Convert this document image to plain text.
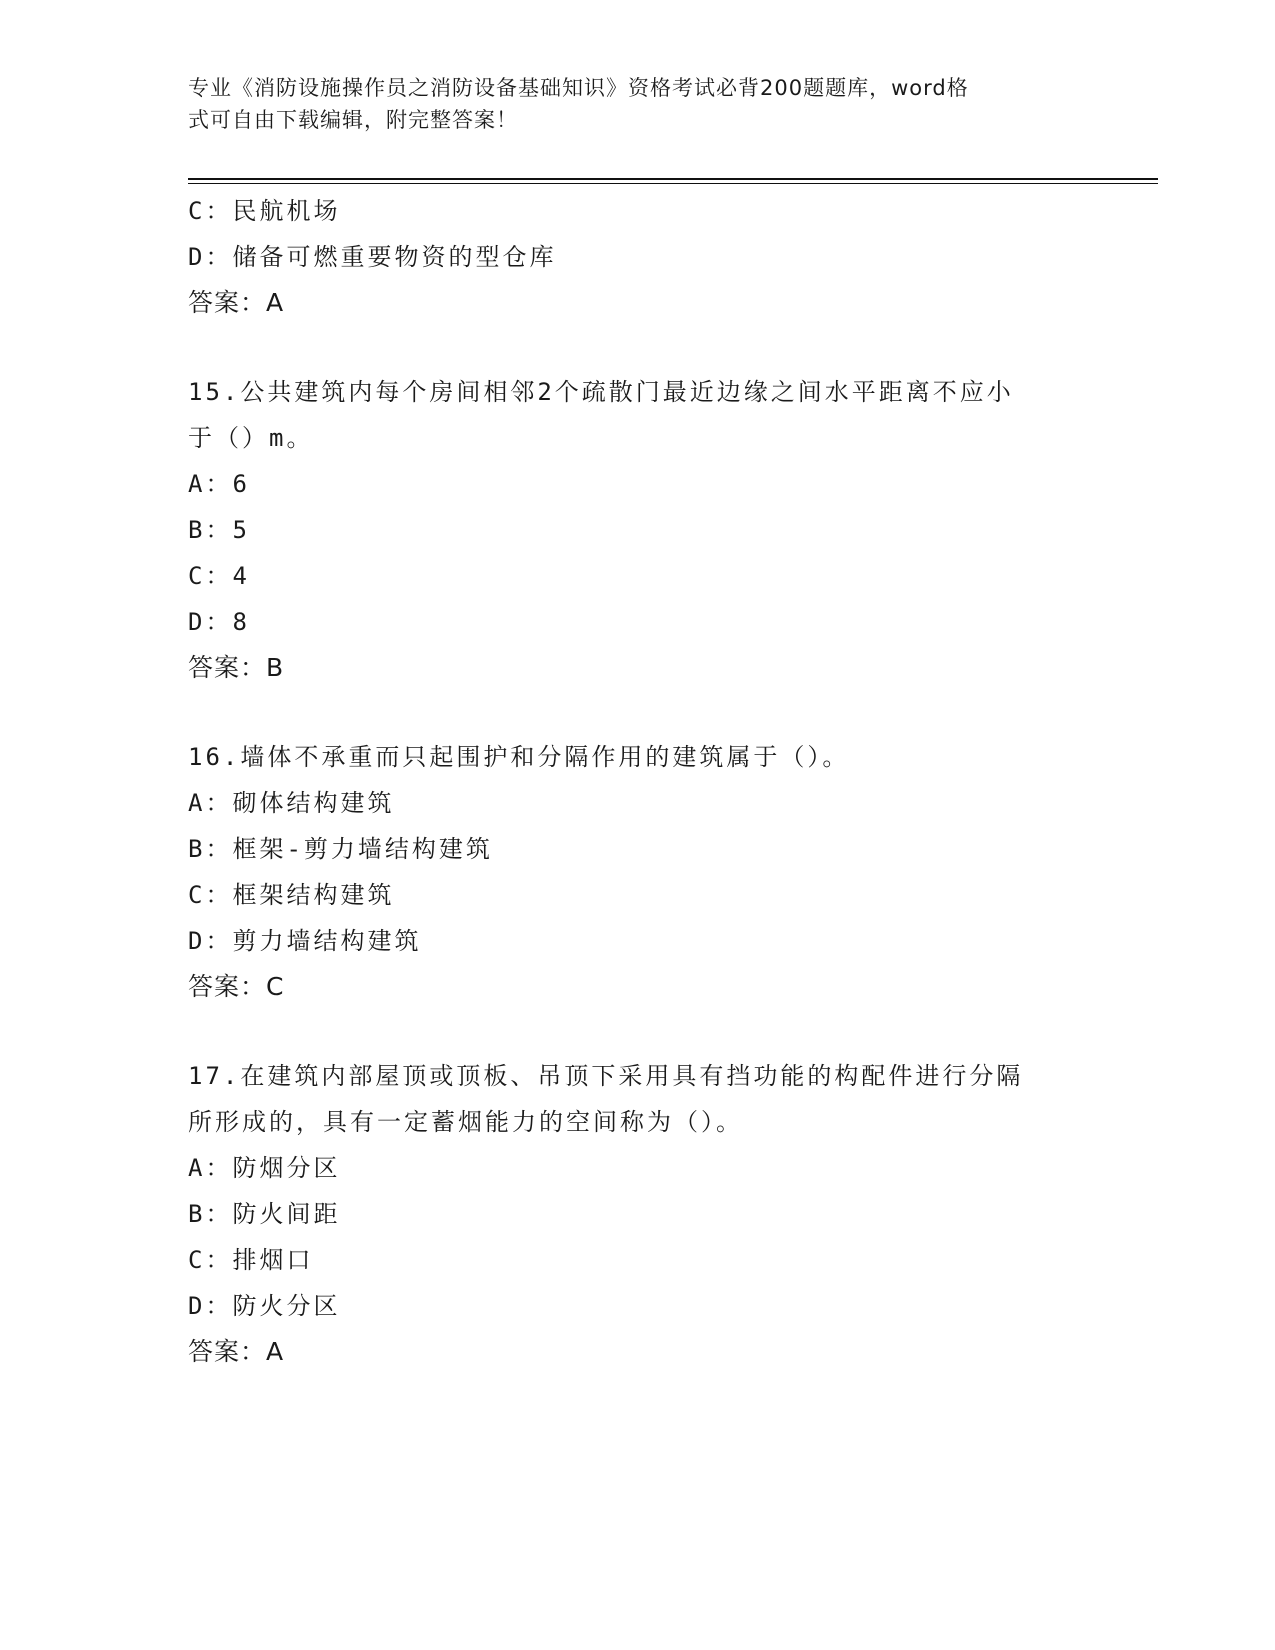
专业《消防设施操作员之消防设备基础知识》资格考试必背200题题库，word格
式可自由下载编辑，附完整答案！
C：民航机场
D：储备可燃重要物资的型仓库
答案：A
15.公共建筑内每个房间相邻2个疏散门最近边缘之间水平距离不应小
于（）m。
A：6
B：5
C：4
D：8
答案：B
16.墙体不承重而只起围护和分隔作用的建筑属于（）。
A：砌体结构建筑
B：框架-剪力墙结构建筑
C：框架结构建筑
D：剪力墙结构建筑
答案：C
17.在建筑内部屋顶或顶板、吊顶下采用具有挡功能的构配件进行分隔
所形成的，具有一定蓄烟能力的空间称为（）。
A：防烟分区
B：防火间距
C：排烟口
D：防火分区
答案：A
